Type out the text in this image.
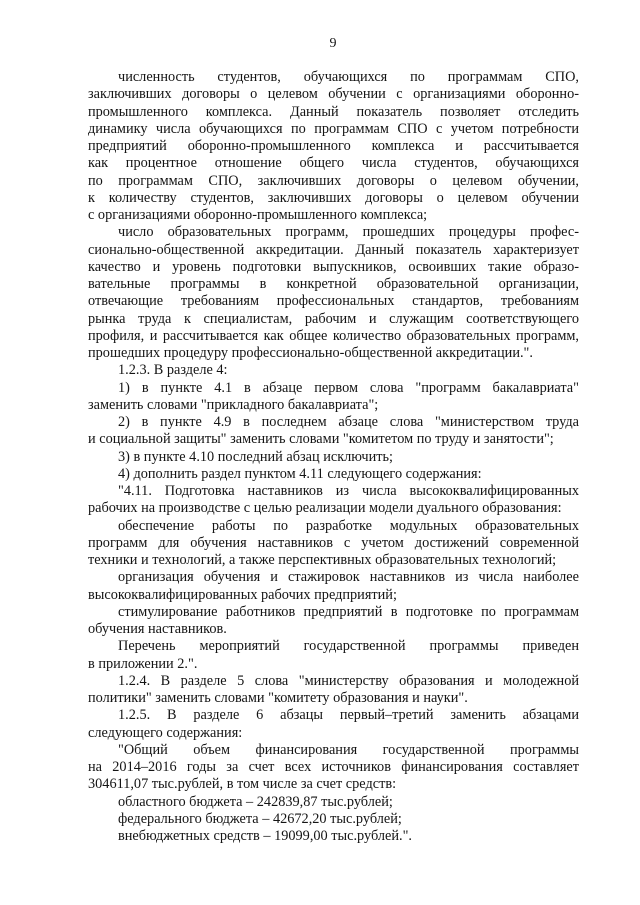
9
численность студентов, обучающихся по программам СПО,
заключивших договоры о целевом обучении с организациями оборонно-
промышленного комплекса. Данный показатель позволяет отследить
динамику числа обучающихся по программам СПО с учетом потребности
предприятий оборонно-промышленного комплекса и рассчитывается
как процентное отношение общего числа студентов, обучающихся
по программам СПО, заключивших договоры о целевом обучении,
к количеству студентов, заключивших договоры о целевом обучении
с организациями оборонно-промышленного комплекса;
число образовательных программ, прошедших процедуры профес-
сионально-общественной аккредитации. Данный показатель характеризует
качество и уровень подготовки выпускников, освоивших такие образо-
вательные программы в конкретной образовательной организации,
отвечающие требованиям профессиональных стандартов, требованиям
рынка труда к специалистам, рабочим и служащим соответствующего
профиля, и рассчитывается как общее количество образовательных программ,
прошедших процедуру профессионально-общественной аккредитации.".
1.2.3. В разделе 4:
1) в пункте 4.1 в абзаце первом слова "программ бакалавриата"
заменить словами "прикладного бакалавриата";
2) в пункте 4.9 в последнем абзаце слова "министерством труда
и социальной защиты" заменить словами "комитетом по труду и занятости";
3) в пункте 4.10 последний абзац исключить;
4) дополнить раздел пунктом 4.11 следующего содержания:
"4.11. Подготовка наставников из числа высококвалифицированных
рабочих на производстве с целью реализации модели дуального образования:
обеспечение работы по разработке модульных образовательных
программ для обучения наставников с учетом достижений современной
техники и технологий, а также перспективных образовательных технологий;
организация обучения и стажировок наставников из числа наиболее
высококвалифицированных рабочих предприятий;
стимулирование работников предприятий в подготовке по программам
обучения наставников.
Перечень мероприятий государственной программы приведен
в приложении 2.".
1.2.4. В разделе 5 слова "министерству образования и молодежной
политики" заменить словами "комитету образования и науки".
1.2.5. В разделе 6 абзацы первый–третий заменить абзацами
следующего содержания:
"Общий объем финансирования государственной программы
на 2014–2016 годы за счет всех источников финансирования составляет
304611,07 тыс.рублей, в том числе за счет средств:
областного бюджета – 242839,87 тыс.рублей;
федерального бюджета – 42672,20 тыс.рублей;
внебюджетных средств – 19099,00 тыс.рублей.".
